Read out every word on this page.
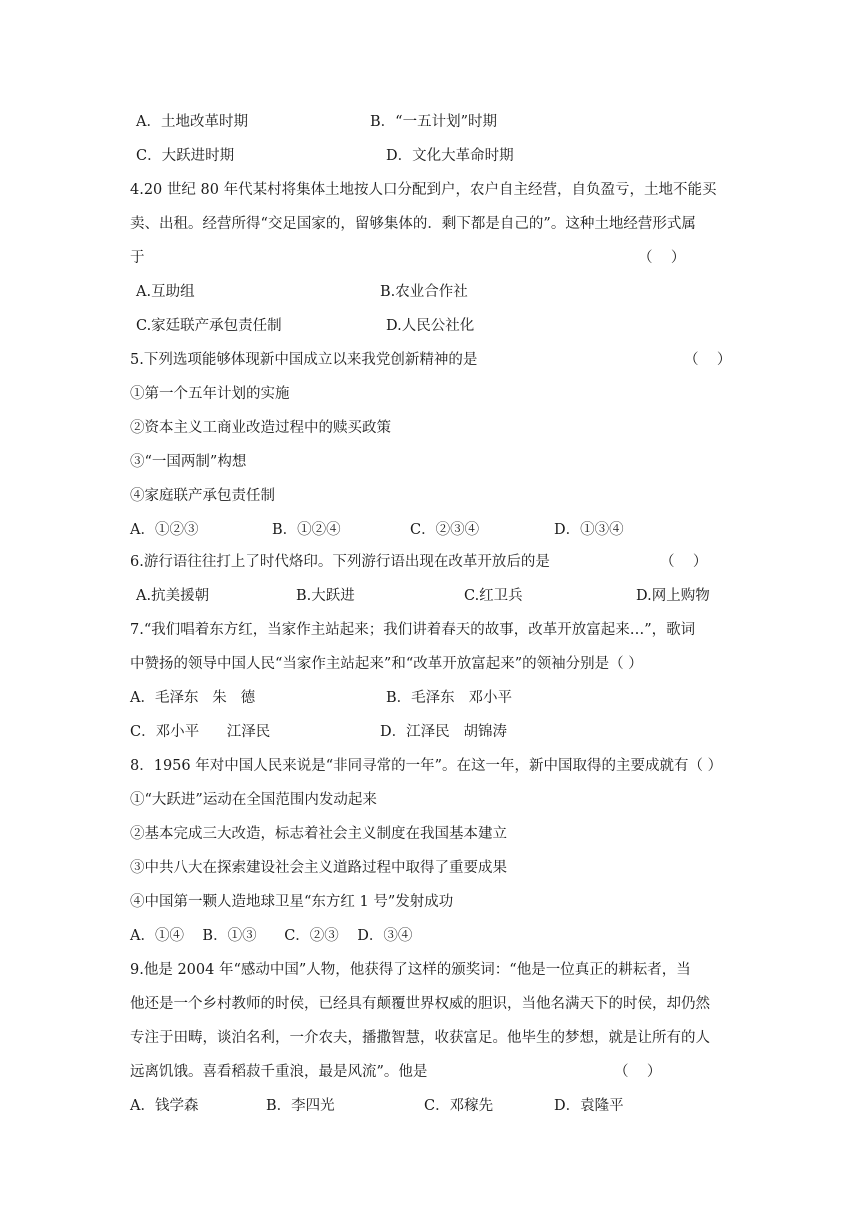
A．土地改革时期	B．“一五计划”时期
C．大跃进时期	D．文化大革命时期
4.20 世纪 80 年代某村将集体土地按人口分配到户，农户自主经营，自负盈亏，土地不能买
卖、出租。经营所得“交足国家的，留够集体的．剩下都是自己的”。这种土地经营形式属
于	（    ）
A.互助组	B.农业合作社
C.家廷联产承包责任制	D.人民公社化
5.下列选项能够体现新中国成立以来我党创新精神的是	（    ）
①第一个五年计划的实施
②资本主义工商业改造过程中的赎买政策
③“一国两制”构想
④家庭联产承包责任制
A．①②③	B．①②④	C．②③④	D．①③④
6.游行语往往打上了时代烙印。下列游行语出现在改革开放后的是	（    ）
A.抗美援朝	B.大跃进	C.红卫兵	D.网上购物
7.“我们唱着东方红，当家作主站起来；我们讲着春天的故事，改革开放富起来…”，歌词
中赞扬的领导中国人民“当家作主站起来”和“改革开放富起来”的领袖分别是（ ）
A．毛泽东   朱   德	B．毛泽东   邓小平
C．邓小平      江泽民	D．江泽民   胡锦涛
8．1956 年对中国人民来说是“非同寻常的一年”。在这一年，新中国取得的主要成就有（ ）
①“大跃进”运动在全国范围内发动起来
②基本完成三大改造，标志着社会主义制度在我国基本建立
③中共八大在探索建设社会主义道路过程中取得了重要成果
④中国第一颗人造地球卫星“东方红 1 号”发射成功
A．①④    B．①③      C．②③    D．③④
9.他是 2004 年“感动中国”人物，他获得了这样的颁奖词：“他是一位真正的耕耘者，当
他还是一个乡村教师的时侯，已经具有颠覆世界权威的胆识，当他名满天下的时侯，却仍然
专注于田畴，谈泊名利，一介农夫，播撒智慧，收获富足。他毕生的梦想，就是让所有的人
远离饥饿。喜看稻菽千重浪，最是风流”。他是	（    ）
A．钱学森	B．李四光	C．邓稼先	D．袁隆平
